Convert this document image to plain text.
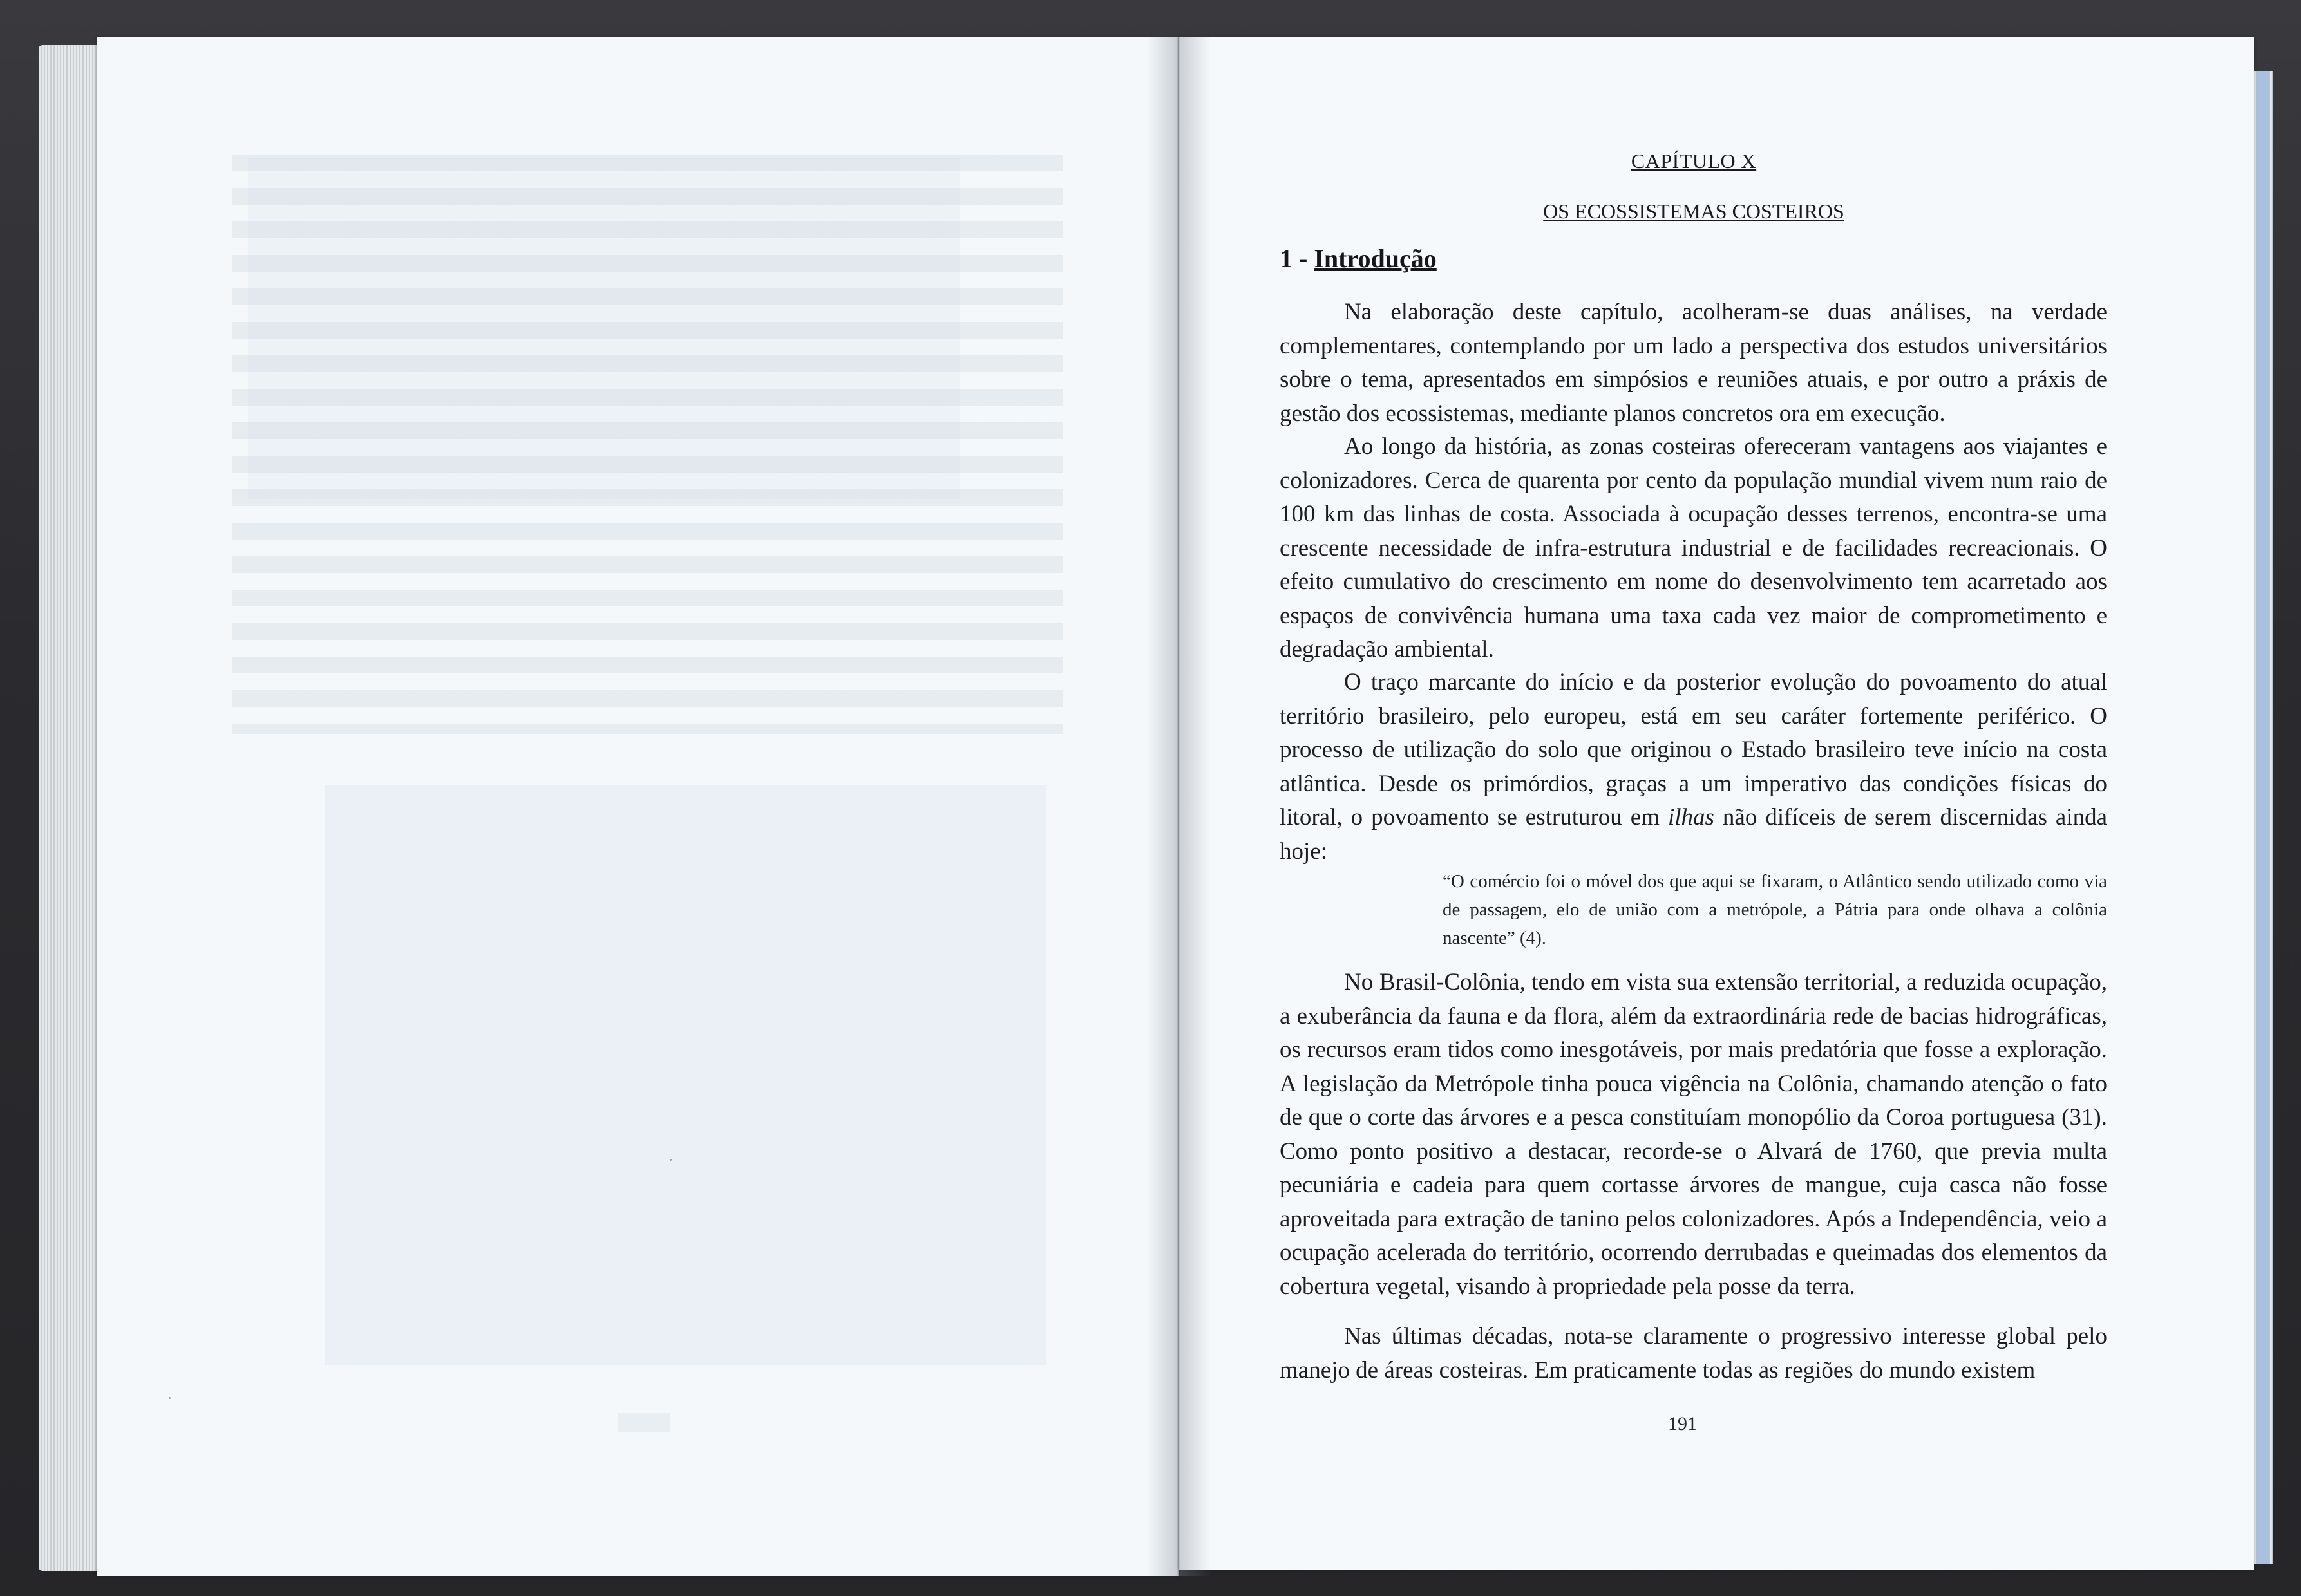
CAPÍTULO X
OS ECOSSISTEMAS COSTEIROS
1 - Introdução

Na elaboração deste capítulo, acolheram-se duas análises, na verdade complementares, contemplando por um lado a perspectiva dos estudos universitários sobre o tema, apresentados em simpósios e reuniões atuais, e por outro a práxis de gestão dos ecossistemas, mediante planos concretos ora em execução.

Ao longo da história, as zonas costeiras ofereceram vantagens aos viajantes e colonizadores. Cerca de quarenta por cento da população mundial vivem num raio de 100 km das linhas de costa. Associada à ocupação desses terrenos, encontra-se uma crescente necessidade de infra-estrutura industrial e de facilidades recreacionais. O efeito cumulativo do crescimento em nome do desenvolvimento tem acarretado aos espaços de convivência humana uma taxa cada vez maior de comprometimento e degradação ambiental.

O traço marcante do início e da posterior evolução do povoamento do atual território brasileiro, pelo europeu, está em seu caráter fortemente periférico. O processo de utilização do solo que originou o Estado brasileiro teve início na costa atlântica. Desde os primórdios, graças a um imperativo das condições físicas do litoral, o povoamento se estruturou em ilhas não difíceis de serem discernidas ainda hoje:

“O comércio foi o móvel dos que aqui se fixaram, o Atlântico sendo utilizado como via de passagem, elo de união com a metrópole, a Pátria para onde olhava a colônia nascente” (4).

No Brasil-Colônia, tendo em vista sua extensão territorial, a reduzida ocupação, a exuberância da fauna e da flora, além da extraordinária rede de bacias hidrográficas, os recursos eram tidos como inesgotáveis, por mais predatória que fosse a exploração. A legislação da Metrópole tinha pouca vigência na Colônia, chamando atenção o fato de que o corte das árvores e a pesca constituíam monopólio da Coroa portuguesa (31). Como ponto positivo a destacar, recorde-se o Alvará de 1760, que previa multa pecuniária e cadeia para quem cortasse árvores de mangue, cuja casca não fosse aproveitada para extração de tanino pelos colonizadores. Após a Independência, veio a ocupação acelerada do território, ocorrendo derrubadas e queimadas dos elementos da cobertura vegetal, visando à propriedade pela posse da terra.

Nas últimas décadas, nota-se claramente o progressivo interesse global pelo manejo de áreas costeiras. Em praticamente todas as regiões do mundo existem

191
